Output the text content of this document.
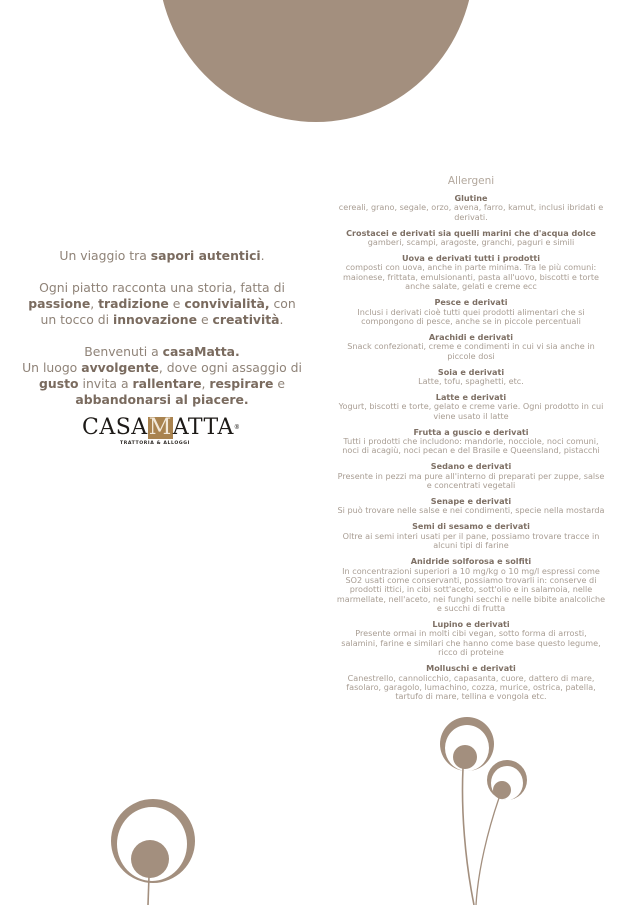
Un viaggio tra sapori autentici.

Ogni piatto racconta una storia, fatta di passione, tradizione e convivialità, con un tocco di innovazione e creatività.

Benvenuti a casaMatta.
Un luogo avvolgente, dove ogni assaggio di gusto invita a rallentare, respirare e abbandonarsi al piacere.

CASAMATTA®
TRATTORIA & ALLOGGI
Allergeni
Glutine
cereali, grano, segale, orzo, avena, farro, kamut, inclusi ibridati e derivati.
Crostacei e derivati sia quelli marini che d'acqua dolce gamberi, scampi, aragoste, granchi, paguri e simili
Uova e derivati tutti i prodotti
composti con uova, anche in parte minima. Tra le più comuni: maionese, frittata, emulsionanti, pasta all'uovo, biscotti e torte anche salate, gelati e creme ecc
Pesce e derivati
Inclusi i derivati cioè tutti quei prodotti alimentari che si compongono di pesce, anche se in piccole percentuali
Arachidi e derivati
Snack confezionati, creme e condimenti in cui vi sia anche in piccole dosi
Soia e derivati
Latte, tofu, spaghetti, etc.
Latte e derivati
Yogurt, biscotti e torte, gelato e creme varie. Ogni prodotto in cui viene usato il latte
Frutta a guscio e derivati
Tutti i prodotti che includono: mandorle, nocciole, noci comuni, noci di acagiù, noci pecan e del Brasile e Queensland, pistacchi
Sedano e derivati
Presente in pezzi ma pure all'interno di preparati per zuppe, salse e concentrati vegetali
Senape e derivati
Si può trovare nelle salse e nei condimenti, specie nella mostarda
Semi di sesamo e derivati
Oltre ai semi interi usati per il pane, possiamo trovare tracce in alcuni tipi di farine
Anidride solforosa e solfiti
In concentrazioni superiori a 10 mg/kg o 10 mg/l espressi come SO2 usati come conservanti, possiamo trovarli in: conserve di prodotti ittici, in cibi sott'aceto, sott'olio e in salamoia, nelle marmellate, nell'aceto, nei funghi secchi e nelle bibite analcoliche e succhi di frutta
Lupino e derivati
Presente ormai in molti cibi vegan, sotto forma di arrosti, salamini, farine e similari che hanno come base questo legume, ricco di proteine
Molluschi e derivati
Canestrello, cannolicchio, capasanta, cuore, dattero di mare, fasolaro, garagolo, lumachino, cozza, murice, ostrica, patella, tartufo di mare, tellina e vongola etc.
